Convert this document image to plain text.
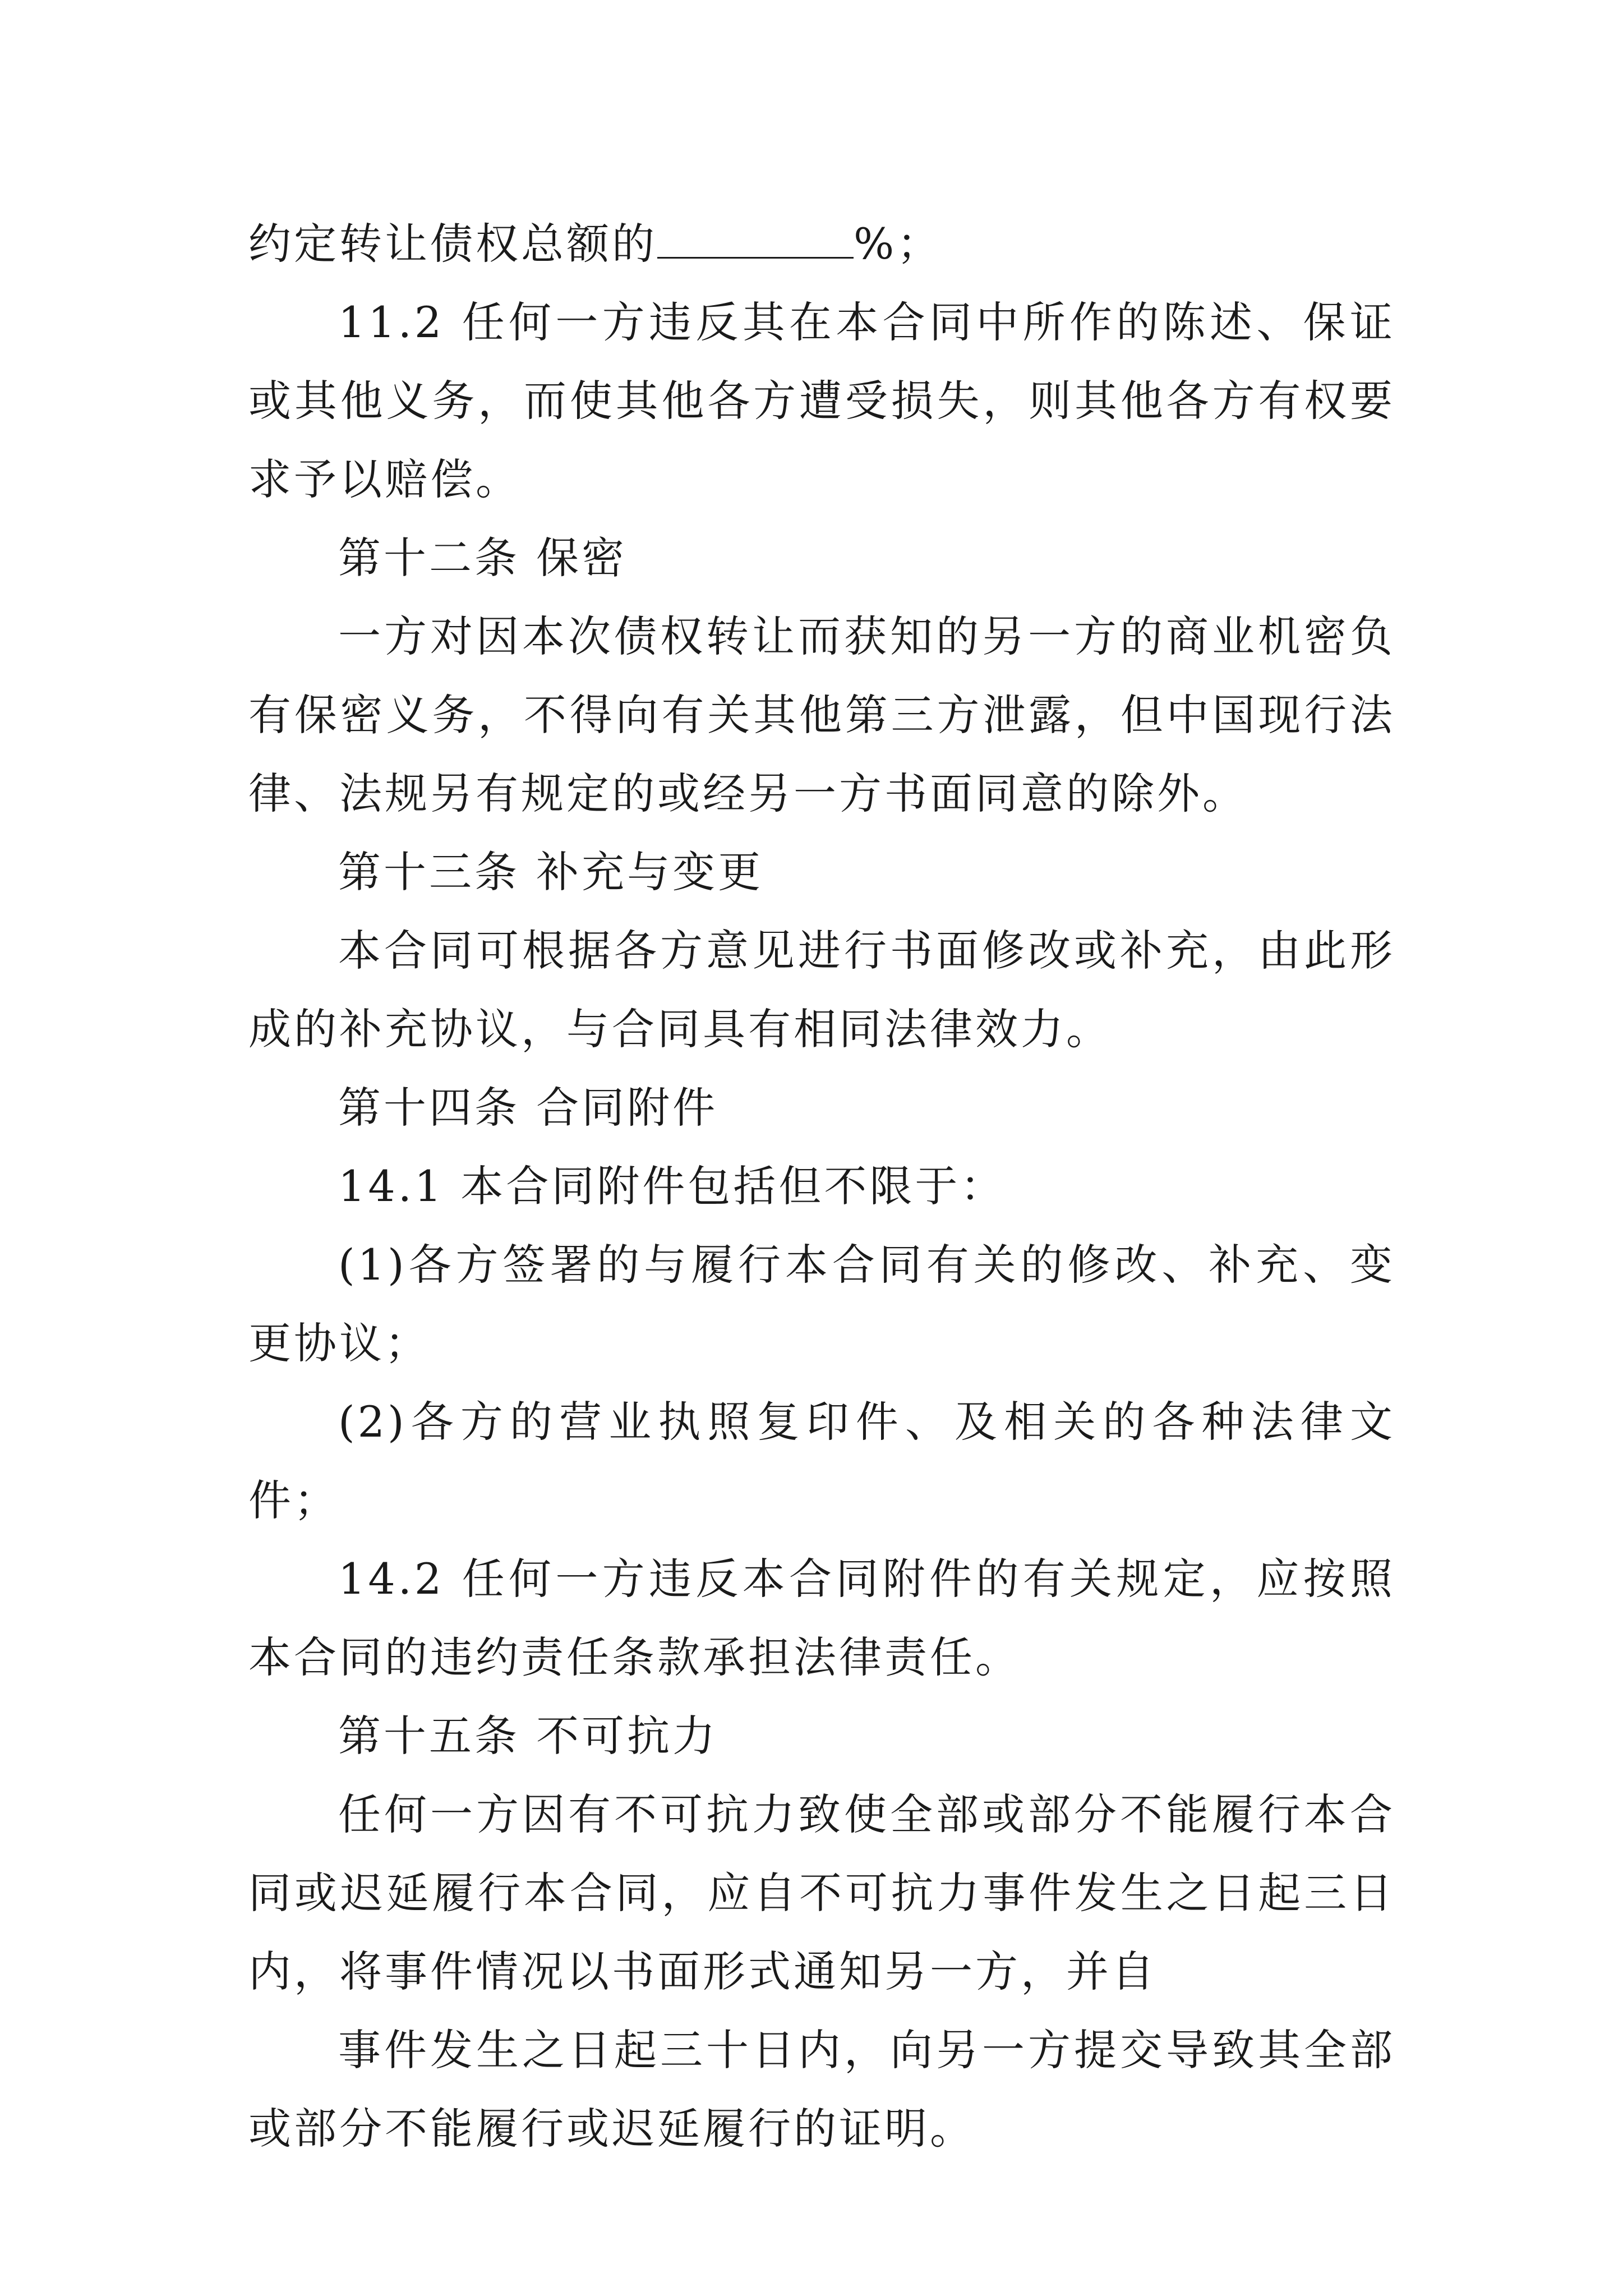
约定转让债权总额的	%；

11.2 任何一方违反其在本合同中所作的陈述、保证或其他义务，而使其他各方遭受损失，则其他各方有权要求予以赔偿。

第十二条 保密

一方对因本次债权转让而获知的另一方的商业机密负有保密义务，不得向有关其他第三方泄露，但中国现行法律、法规另有规定的或经另一方书面同意的除外。

第十三条 补充与变更

本合同可根据各方意见进行书面修改或补充，由此形成的补充协议，与合同具有相同法律效力。

第十四条 合同附件

14.1 本合同附件包括但不限于：

(1)各方签署的与履行本合同有关的修改、补充、变更协议；

(2)各方的营业执照复印件、及相关的各种法律文件；

14.2 任何一方违反本合同附件的有关规定，应按照本合同的违约责任条款承担法律责任。

第十五条 不可抗力

任何一方因有不可抗力致使全部或部分不能履行本合同或迟延履行本合同，应自不可抗力事件发生之日起三日内，将事件情况以书面形式通知另一方，并自

事件发生之日起三十日内，向另一方提交导致其全部或部分不能履行或迟延履行的证明。
